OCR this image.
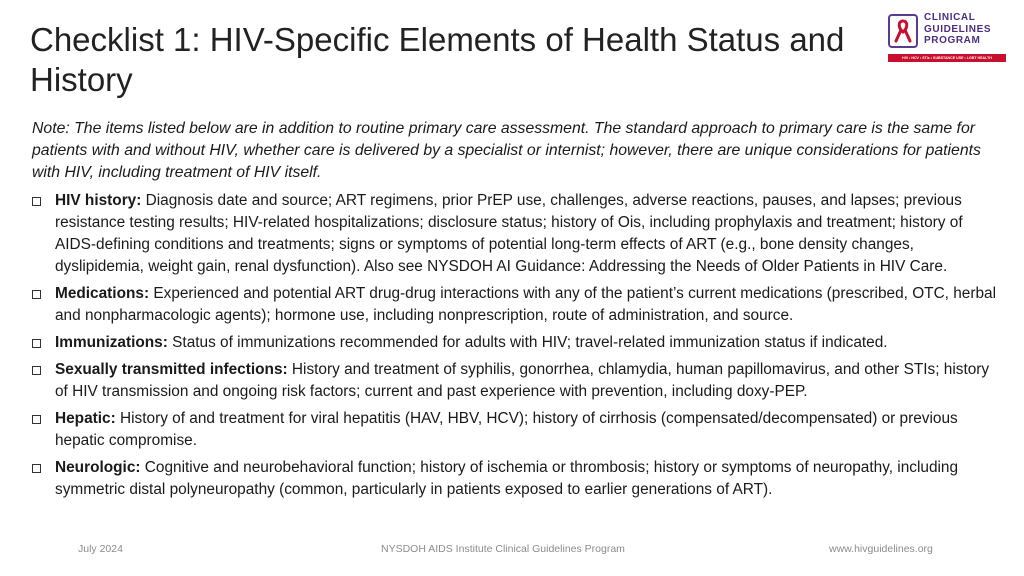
Checklist 1: HIV-Specific Elements of Health Status and History
CLINICAL
GUIDELINES
PROGRAM
HIV • HCV • STIs • SUBSTANCE USE • LGBT HEALTH
Note: The items listed below are in addition to routine primary care assessment. The standard approach to primary care is the same for patients with and without HIV, whether care is delivered by a specialist or internist; however, there are unique considerations for patients with HIV, including treatment of HIV itself.
HIV history: Diagnosis date and source; ART regimens, prior PrEP use, challenges, adverse reactions, pauses, and lapses; previous resistance testing results; HIV-related hospitalizations; disclosure status; history of Ois, including prophylaxis and treatment; history of AIDS-defining conditions and treatments; signs or symptoms of potential long-term effects of ART (e.g., bone density changes, dyslipidemia, weight gain, renal dysfunction). Also see NYSDOH AI Guidance: Addressing the Needs of Older Patients in HIV Care.
Medications: Experienced and potential ART drug-drug interactions with any of the patient’s current medications (prescribed, OTC, herbal and nonpharmacologic agents); hormone use, including nonprescription, route of administration, and source.
Immunizations: Status of immunizations recommended for adults with HIV; travel-related immunization status if indicated.
Sexually transmitted infections: History and treatment of syphilis, gonorrhea, chlamydia, human papillomavirus, and other STIs; history of HIV transmission and ongoing risk factors; current and past experience with prevention, including doxy-PEP.
Hepatic: History of and treatment for viral hepatitis (HAV, HBV, HCV); history of cirrhosis (compensated/decompensated) or previous hepatic compromise.
Neurologic: Cognitive and neurobehavioral function; history of ischemia or thrombosis; history or symptoms of neuropathy, including symmetric distal polyneuropathy (common, particularly in patients exposed to earlier generations of ART).
July 2024	NYSDOH AIDS Institute Clinical Guidelines Program	www.hivguidelines.org
